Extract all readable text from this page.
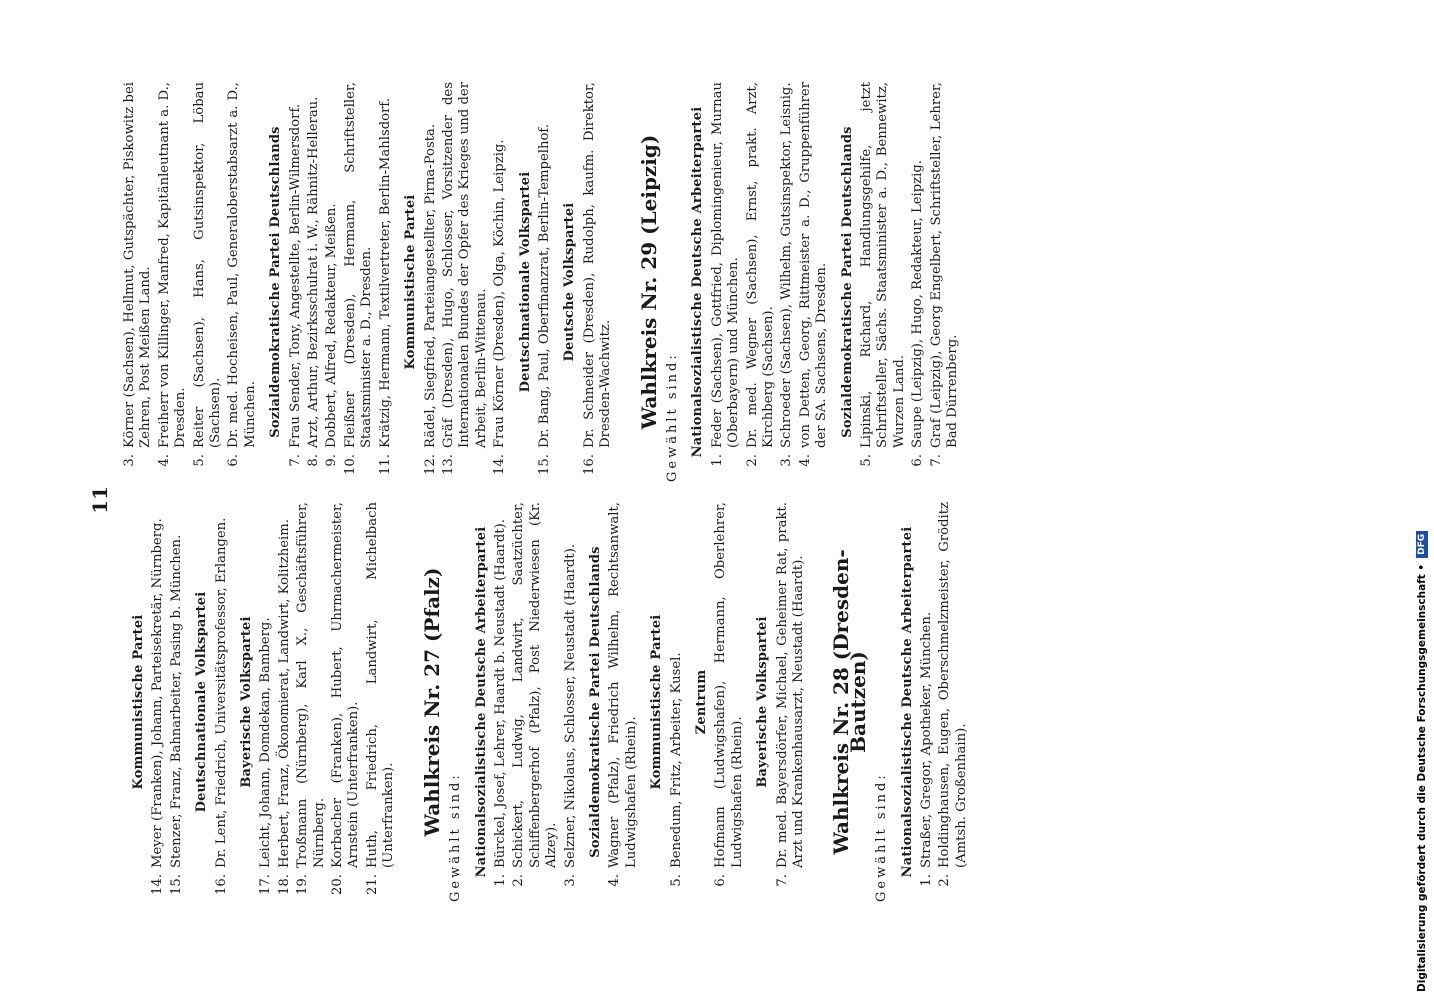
11
Kommunistische Partei
14.
Meyer (Franken), Johann, Parteisekretär, Nürnberg.
15.
Stenzer, Franz, Bahnarbeiter, Pasing b. München. Deutschnationale Volkspartei
16.
Dr. Lent, Friedrich, Universitätsprofessor, Erlangen. Bayerische Volkspartei
17.
Leicht, Johann, Domdekan, Bamberg.
18.
Herbert, Franz, Ökonomierat, Landwirt, Kolitzheim.
19.
Troßmann (Nürnberg), Karl X., Geschäftsführer, Nürnberg.
20.
Korbacher (Franken), Hubert, Uhrmachermeister, Arnstein (Unterfranken).
21.
Huth, Friedrich, Landwirt, Michelbach (Unterfranken). Wahlkreis Nr. 27 (Pfalz)
Gewählt sind: Nationalsozialistische Deutsche Arbeiterpartei
1.
Bürckel, Josef, Lehrer, Haardt b. Neustadt (Haardt).
2.
Schickert, Ludwig, Landwirt, Saatzüchter, Schiffenbergerhof (Pfalz), Post Niederwiesen (Kr. Alzey).
3.
Selzner, Nikolaus, Schlosser, Neustadt (Haardt). Sozialdemokratische Partei Deutschlands
4.
Wagner (Pfalz), Friedrich Wilhelm, Rechtsanwalt, Ludwigshafen (Rhein).
Kommunistische Partei
5.
Benedum, Fritz, Arbeiter, Kusel. Zentrum
6.
Hofmann (Ludwigshafen), Hermann, Oberlehrer, Ludwigshafen (Rhein).
Bayerische Volkspartei
7.
Dr. med. Bayersdörfer, Michael, Geheimer Rat, prakt. Arzt und Krankenhausarzt, Neustadt (Haardt). Wahlkreis Nr. 28 (Dresden-Bautzen)
Gewählt sind: Nationalsozialistische Deutsche Arbeiterpartei
1.
Straßer, Gregor, Apotheker, München.
2.
Holdinghausen, Eugen, Oberschmelzmeister, Gröditz (Amtsh. Großenhain).
3.
Körner (Sachsen), Hellmut, Gutspächter, Piskowitz bei Zehren, Post Meißen Land.
4.
Freiherr von Killinger, Manfred, Kapitänleutnant a. D., Dresden.
5.
Reiter (Sachsen), Hans, Gutsinspektor, Löbau (Sachsen).
6.
Dr. med. Hocheisen, Paul, Generaloberstabsarzt a. D., München. Sozialdemokratische Partei Deutschlands
7.
Frau Sender, Tony, Angestellte, Berlin-Wilmersdorf.
8.
Arzt, Arthur, Bezirksschulrat i. W., Rähnitz-Hellerau.
9.
Dobbert, Alfred, Redakteur, Meißen.
10.
Fleißner (Dresden), Hermann, Schriftsteller, Staatsminister a. D., Dresden.
11.
Krätzig, Hermann, Textilvertreter, Berlin-Mahlsdorf. Kommunistische Partei
12.
Rädel, Siegfried, Parteiangestellter, Pirna-Posta.
13.
Gräf (Dresden), Hugo, Schlosser, Vorsitzender des Internationalen Bundes der Opfer des Krieges und der Arbeit, Berlin-Wittenau.
14.
Frau Körner (Dresden), Olga, Köchin, Leipzig. Deutschnationale Volkspartei
15.
Dr. Bang, Paul, Oberfinanzrat, Berlin-Tempelhof. Deutsche Volkspartei
16.
Dr. Schneider (Dresden), Rudolph, kaufm. Direktor, Dresden-Wachwitz. Wahlkreis Nr. 29 (Leipzig) Gewählt sind: Nationalsozialistische Deutsche Arbeiterpartei
1.
Feder (Sachsen), Gottfried, Diplomingenieur, Murnau (Oberbayern) und München.
2.
Dr. med. Wegner (Sachsen), Ernst, prakt. Arzt, Kirchberg (Sachsen).
3.
Schroeder (Sachsen), Wilhelm, Gutsinspektor, Leisnig.
4.
von Detten, Georg, Rittmeister a. D., Gruppenführer der SA. Sachsens, Dresden. Sozialdemokratische Partei Deutschlands
5.
Lipinski, Richard, Handlungsgehilfe, jetzt Schriftsteller, Sächs. Staatsminister a. D., Bennewitz, Wurzen Land.
6.
Saupe (Leipzig), Hugo, Redakteur, Leipzig.
7.
Graf (Leipzig), Georg Engelbert, Schriftsteller, Lehrer, Bad Dürrenberg.
Digitalisierung gefördert durch die Deutsche Forschungsgemeinschaft •
DFG
